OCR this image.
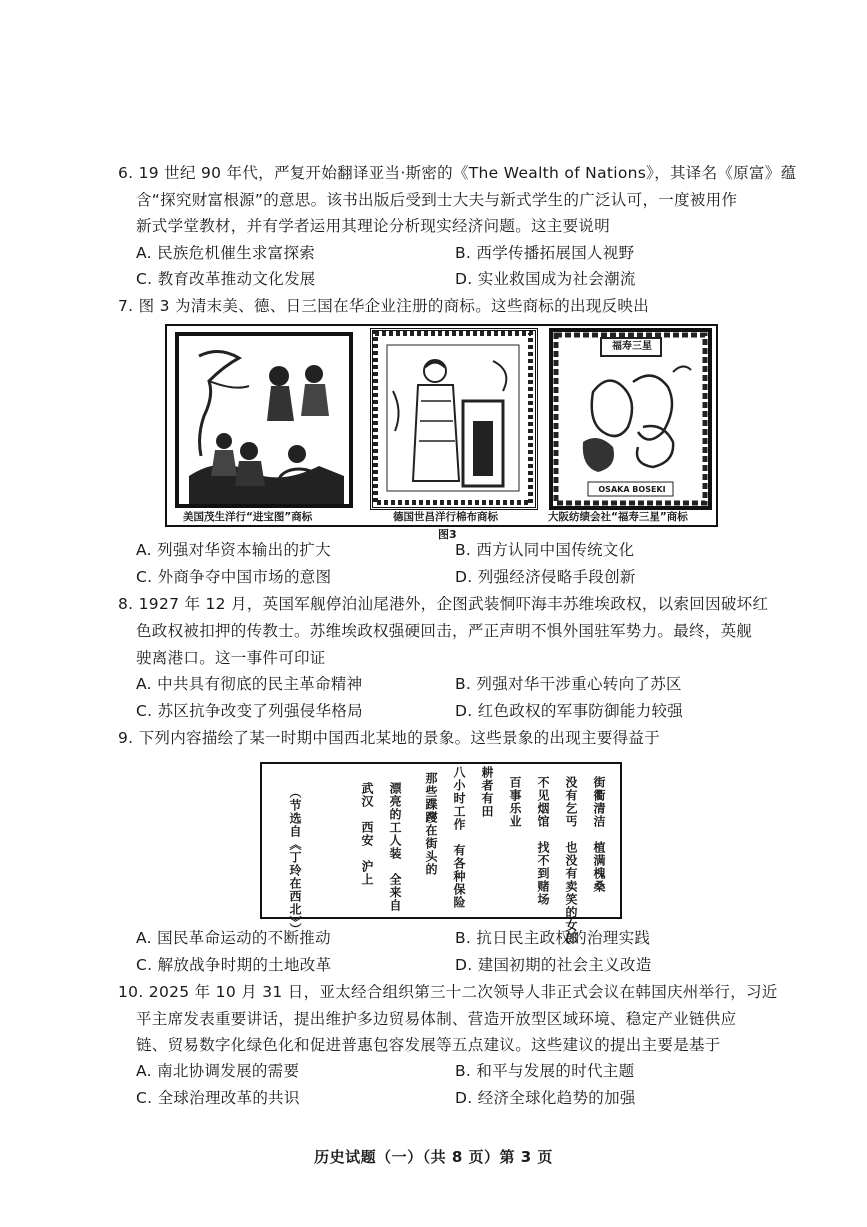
6. 19 世纪 90 年代，严复开始翻译亚当·斯密的《The Wealth of Nations》，其译名《原富》蕴
含“探究财富根源”的意思。该书出版后受到士大夫与新式学生的广泛认可，一度被用作
新式学堂教材，并有学者运用其理论分析现实经济问题。这主要说明
A. 民族危机催生求富探索	B. 西学传播拓展国人视野
C. 教育改革推动文化发展	D. 实业救国成为社会潮流
7. 图 3 为清末美、德、日三国在华企业注册的商标。这些商标的出现反映出
福寿三星
OSAKA BOSEKI
美国茂生洋行“进宝图”商标	德国世昌洋行棉布商标	大阪纺绩会社“福寿三星”商标
图3
A. 列强对华资本输出的扩大	B. 西方认同中国传统文化
C. 外商争夺中国市场的意图	D. 列强经济侵略手段创新
8. 1927 年 12 月，英国军舰停泊汕尾港外，企图武装恫吓海丰苏维埃政权，以索回因破坏红
色政权被扣押的传教士。苏维埃政权强硬回击，严正声明不惧外国驻军势力。最终，英舰
驶离港口。这一事件可印证
A. 中共具有彻底的民主革命精神	B. 列强对华干涉重心转向了苏区
C. 苏区抗争改变了列强侵华格局	D. 红色政权的军事防御能力较强
9. 下列内容描绘了某一时期中国西北某地的景象。这些景象的出现主要得益于
街衢清洁　植满槐桑
没有乞丐　也没有卖笑的女郎
不见烟馆　找不到赌场
百事乐业
耕者有田
八小时工作　有各种保险
那些蹀躞在街头的
漂亮的工人装　全来自
武汉　西安　沪上
（节选自《丁玲在西北》）
A. 国民革命运动的不断推动	B. 抗日民主政权的治理实践
C. 解放战争时期的土地改革	D. 建国初期的社会主义改造
10. 2025 年 10 月 31 日，亚太经合组织第三十二次领导人非正式会议在韩国庆州举行，习近
平主席发表重要讲话，提出维护多边贸易体制、营造开放型区域环境、稳定产业链供应
链、贸易数字化绿色化和促进普惠包容发展等五点建议。这些建议的提出主要是基于
A. 南北协调发展的需要	B. 和平与发展的时代主题
C. 全球治理改革的共识	D. 经济全球化趋势的加强
历史试题（一）（共 8 页）第 3 页
